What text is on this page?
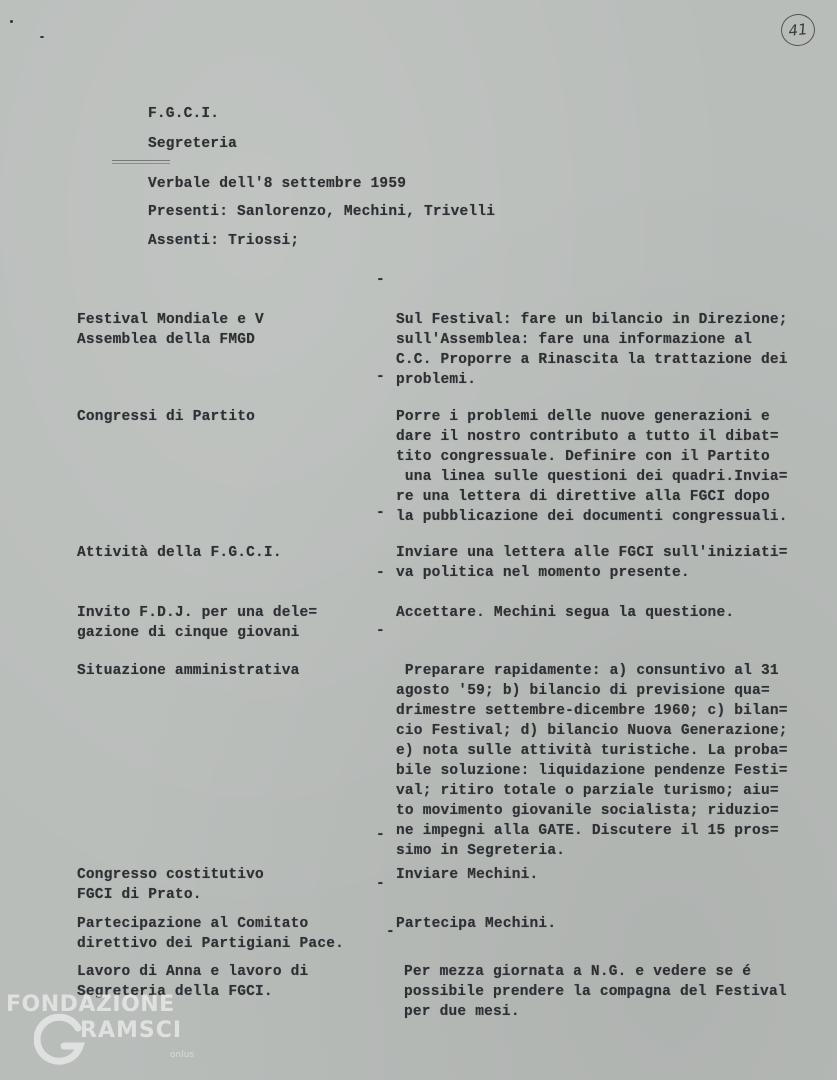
41
F.G.C.I.
Segreteria
Verbale dell'8 settembre 1959
Presenti: Sanlorenzo, Mechini, Trivelli
Assenti: Triossi;

Festival Mondiale e V
Assemblea della FMGD

-

Sul Festival: fare un bilancio in Direzione;
sull'Assemblea: fare una informazione al
C.C. Proporre a Rinascita la trattazione dei
problemi.

Congressi di Partito

-

Porre i problemi delle nuove generazioni e
dare il nostro contributo a tutto il dibat=
tito congressuale. Definire con il Partito
una linea sulle questioni dei quadri.Invia=
re una lettera di direttive alla FGCI dopo
la pubblicazione dei documenti congressuali.

Attività della F.G.C.I.

-

Inviare una lettera alle FGCI sull'iniziati=
va politica nel momento presente.

Invito F.D.J. per una dele=
gazione di cinque giovani

-

Accettare. Mechini segua la questione.

Situazione amministrativa

-

Preparare rapidamente: a) consuntivo al 31
agosto '59; b) bilancio di previsione qua=
drimestre settembre-dicembre 1960; c) bilan=
cio Festival; d) bilancio Nuova Generazione;
e) nota sulle attività turistiche. La proba=
bile soluzione: liquidazione pendenze Festi=
val; ritiro totale o parziale turismo; aiu=
to movimento giovanile socialista; riduzio=
ne impegni alla GATE. Discutere il 15 pros=
simo in Segreteria.

Congresso costitutivo
FGCI di Prato.

-

Inviare Mechini.

Partecipazione al Comitato
direttivo dei Partigiani Pace.

-

Partecipa Mechini.

Lavoro di Anna e lavoro di
Segreteria della FGCI.

-

Per mezza giornata a N.G. e vedere se é
possibile prendere la compagna del Festival
per due mesi.

FONDAZIONE
RAMSCI
onlus
